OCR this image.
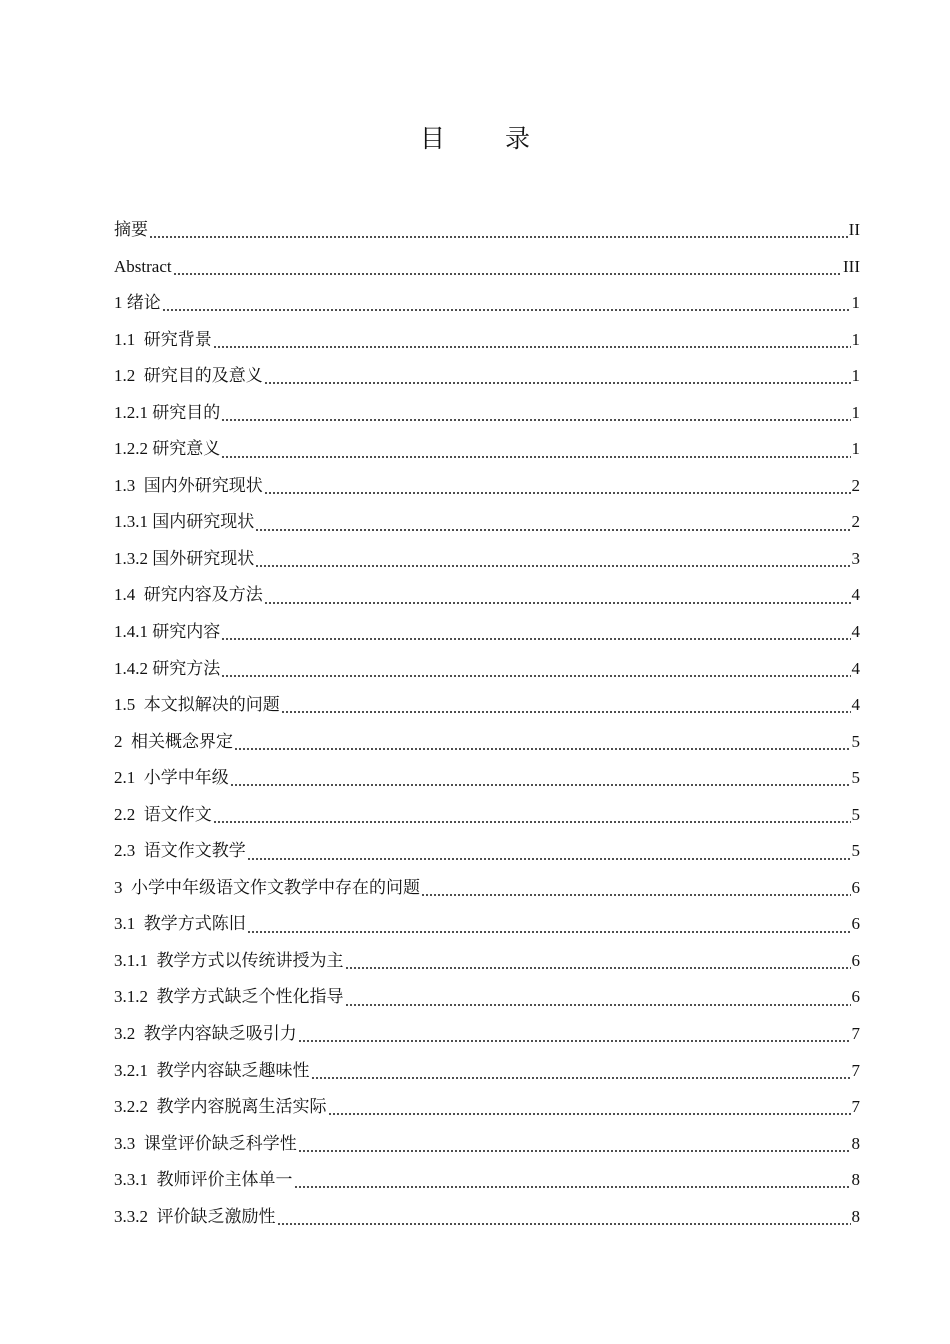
目 录
摘要	II
Abstract	III
1 绪论	1
1.1  研究背景	1
1.2  研究目的及意义	1
1.2.1 研究目的	1
1.2.2 研究意义	1
1.3  国内外研究现状	2
1.3.1 国内研究现状	2
1.3.2 国外研究现状	3
1.4  研究内容及方法	4
1.4.1 研究内容	4
1.4.2 研究方法	4
1.5  本文拟解决的问题	4
2  相关概念界定	5
2.1  小学中年级	5
2.2  语文作文	5
2.3  语文作文教学	5
3  小学中年级语文作文教学中存在的问题	6
3.1  教学方式陈旧	6
3.1.1  教学方式以传统讲授为主	6
3.1.2  教学方式缺乏个性化指导	6
3.2  教学内容缺乏吸引力	7
3.2.1  教学内容缺乏趣味性	7
3.2.2  教学内容脱离生活实际	7
3.3  课堂评价缺乏科学性	8
3.3.1  教师评价主体单一	8
3.3.2  评价缺乏激励性	8
